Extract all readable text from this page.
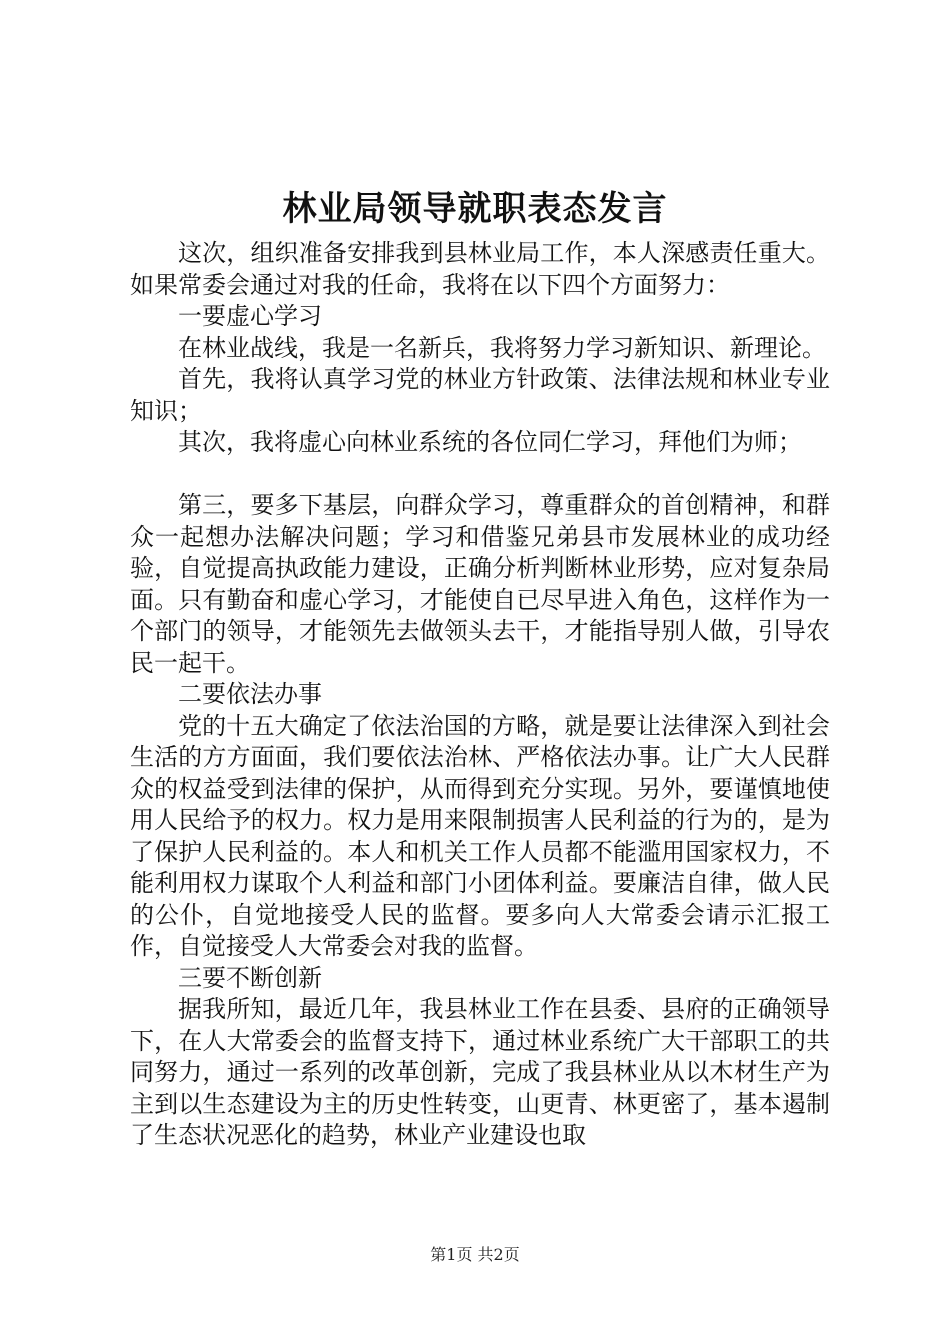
林业局领导就职表态发言

这次，组织准备安排我到县林业局工作，本人深感责任重大。如果常委会通过对我的任命，我将在以下四个方面努力：

一要虚心学习

在林业战线，我是一名新兵，我将努力学习新知识、新理论。

首先，我将认真学习党的林业方针政策、法律法规和林业专业知识；

其次，我将虚心向林业系统的各位同仁学习，拜他们为师；

第三，要多下基层，向群众学习，尊重群众的首创精神，和群众一起想办法解决问题；学习和借鉴兄弟县市发展林业的成功经验，自觉提高执政能力建设，正确分析判断林业形势，应对复杂局面。只有勤奋和虚心学习，才能使自已尽早进入角色，这样作为一个部门的领导，才能领先去做领头去干，才能指导别人做，引导农民一起干。

二要依法办事

党的十五大确定了依法治国的方略，就是要让法律深入到社会生活的方方面面，我们要依法治林、严格依法办事。让广大人民群众的权益受到法律的保护，从而得到充分实现。另外，要谨慎地使用人民给予的权力。权力是用来限制损害人民利益的行为的，是为了保护人民利益的。本人和机关工作人员都不能滥用国家权力，不能利用权力谋取个人利益和部门小团体利益。要廉洁自律，做人民的公仆，自觉地接受人民的监督。要多向人大常委会请示汇报工作，自觉接受人大常委会对我的监督。

三要不断创新

据我所知，最近几年，我县林业工作在县委、县府的正确领导下，在人大常委会的监督支持下，通过林业系统广大干部职工的共同努力，通过一系列的改革创新，完成了我县林业从以木材生产为主到以生态建设为主的历史性转变，山更青、林更密了，基本遏制了生态状况恶化的趋势，林业产业建设也取

第1页 共2页
